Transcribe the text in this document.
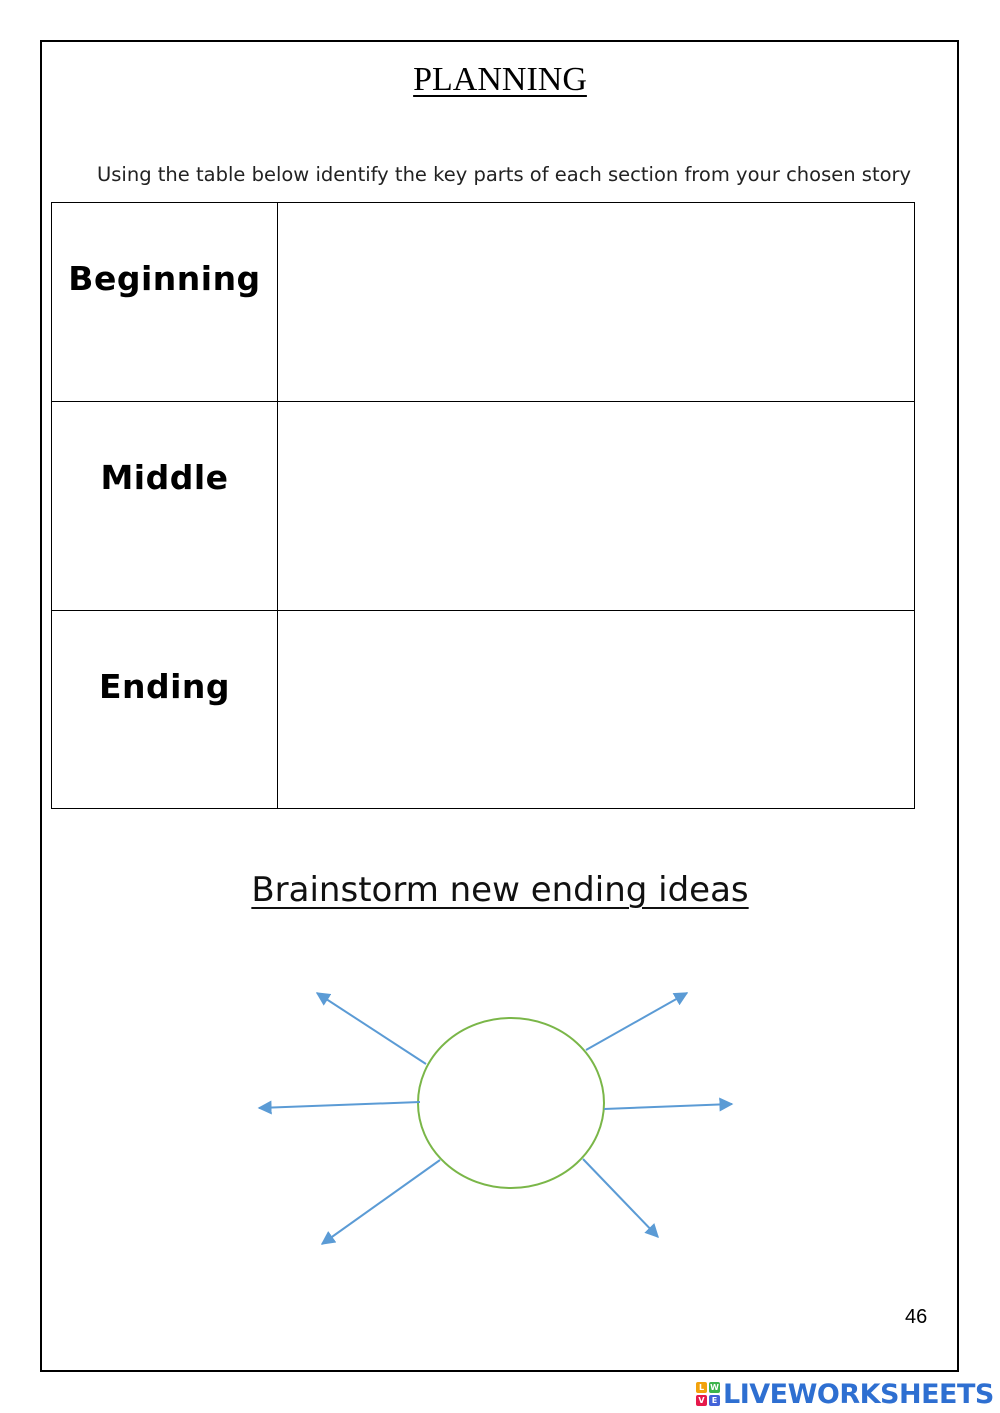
PLANNING
Using the table below identify the key parts of each section from your chosen story
Beginning	

Middle	

Ending	

Brainstorm new ending ideas
46
L W
V E LIVEWORKSHEETS
